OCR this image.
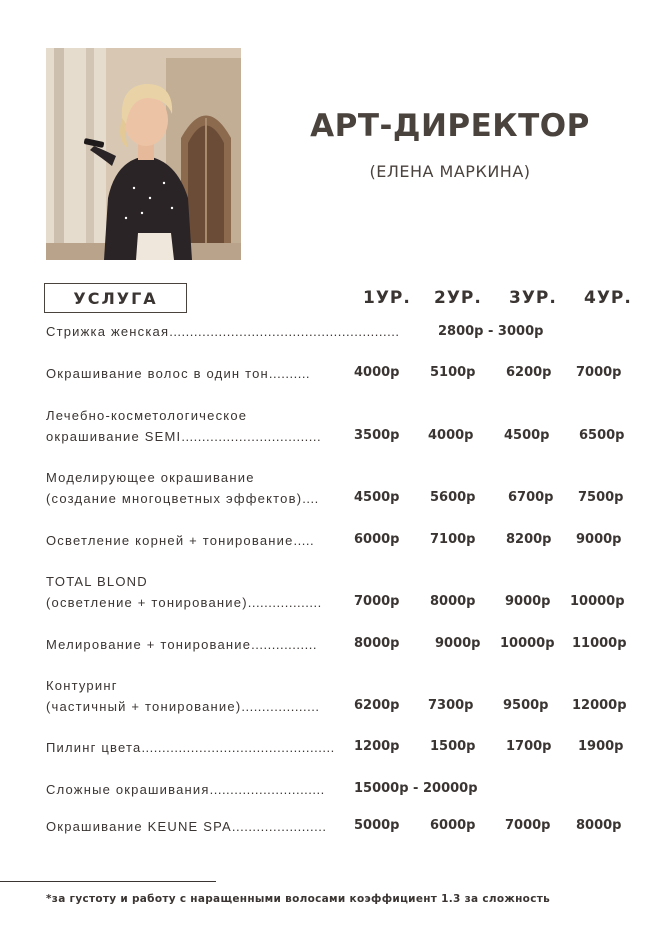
АРТ-ДИРЕКТОР
(ЕЛЕНА МАРКИНА)
УСЛУГА	1УР. 2УР. 3УР. 4УР.
Стрижка женская........................................................	2800р - 3000р
Окрашивание волос в один тон..........	4000р 5100р 6200р 7000р
Лечебно-косметологическое
окрашивание SEMI..................................	3500р 4000р 4500р 6500р
Моделирующее окрашивание
(создание многоцветных эффектов)....	4500р 5600р	6700р 7500р
Осветление корней + тонирование.....	6000р 7100р 8200р 9000р
TOTAL BLOND
(осветление + тонирование).................. 7000р 8000р 9000р 10000р
Мелирование + тонирование................	8000р	9000р 10000р 11000р
Контуринг
(частичный + тонирование)...................	6200р 7300р 9500р 12000р
Пилинг цвета............................................... 1200р 1500р 1700р 1900р
Сложные окрашивания............................ 15000р - 20000р
Окрашивание KEUNE SPA....................... 5000р 6000р 7000р 8000р
*за густоту и работу с наращенными волосами коэффициент 1.3 за сложность
